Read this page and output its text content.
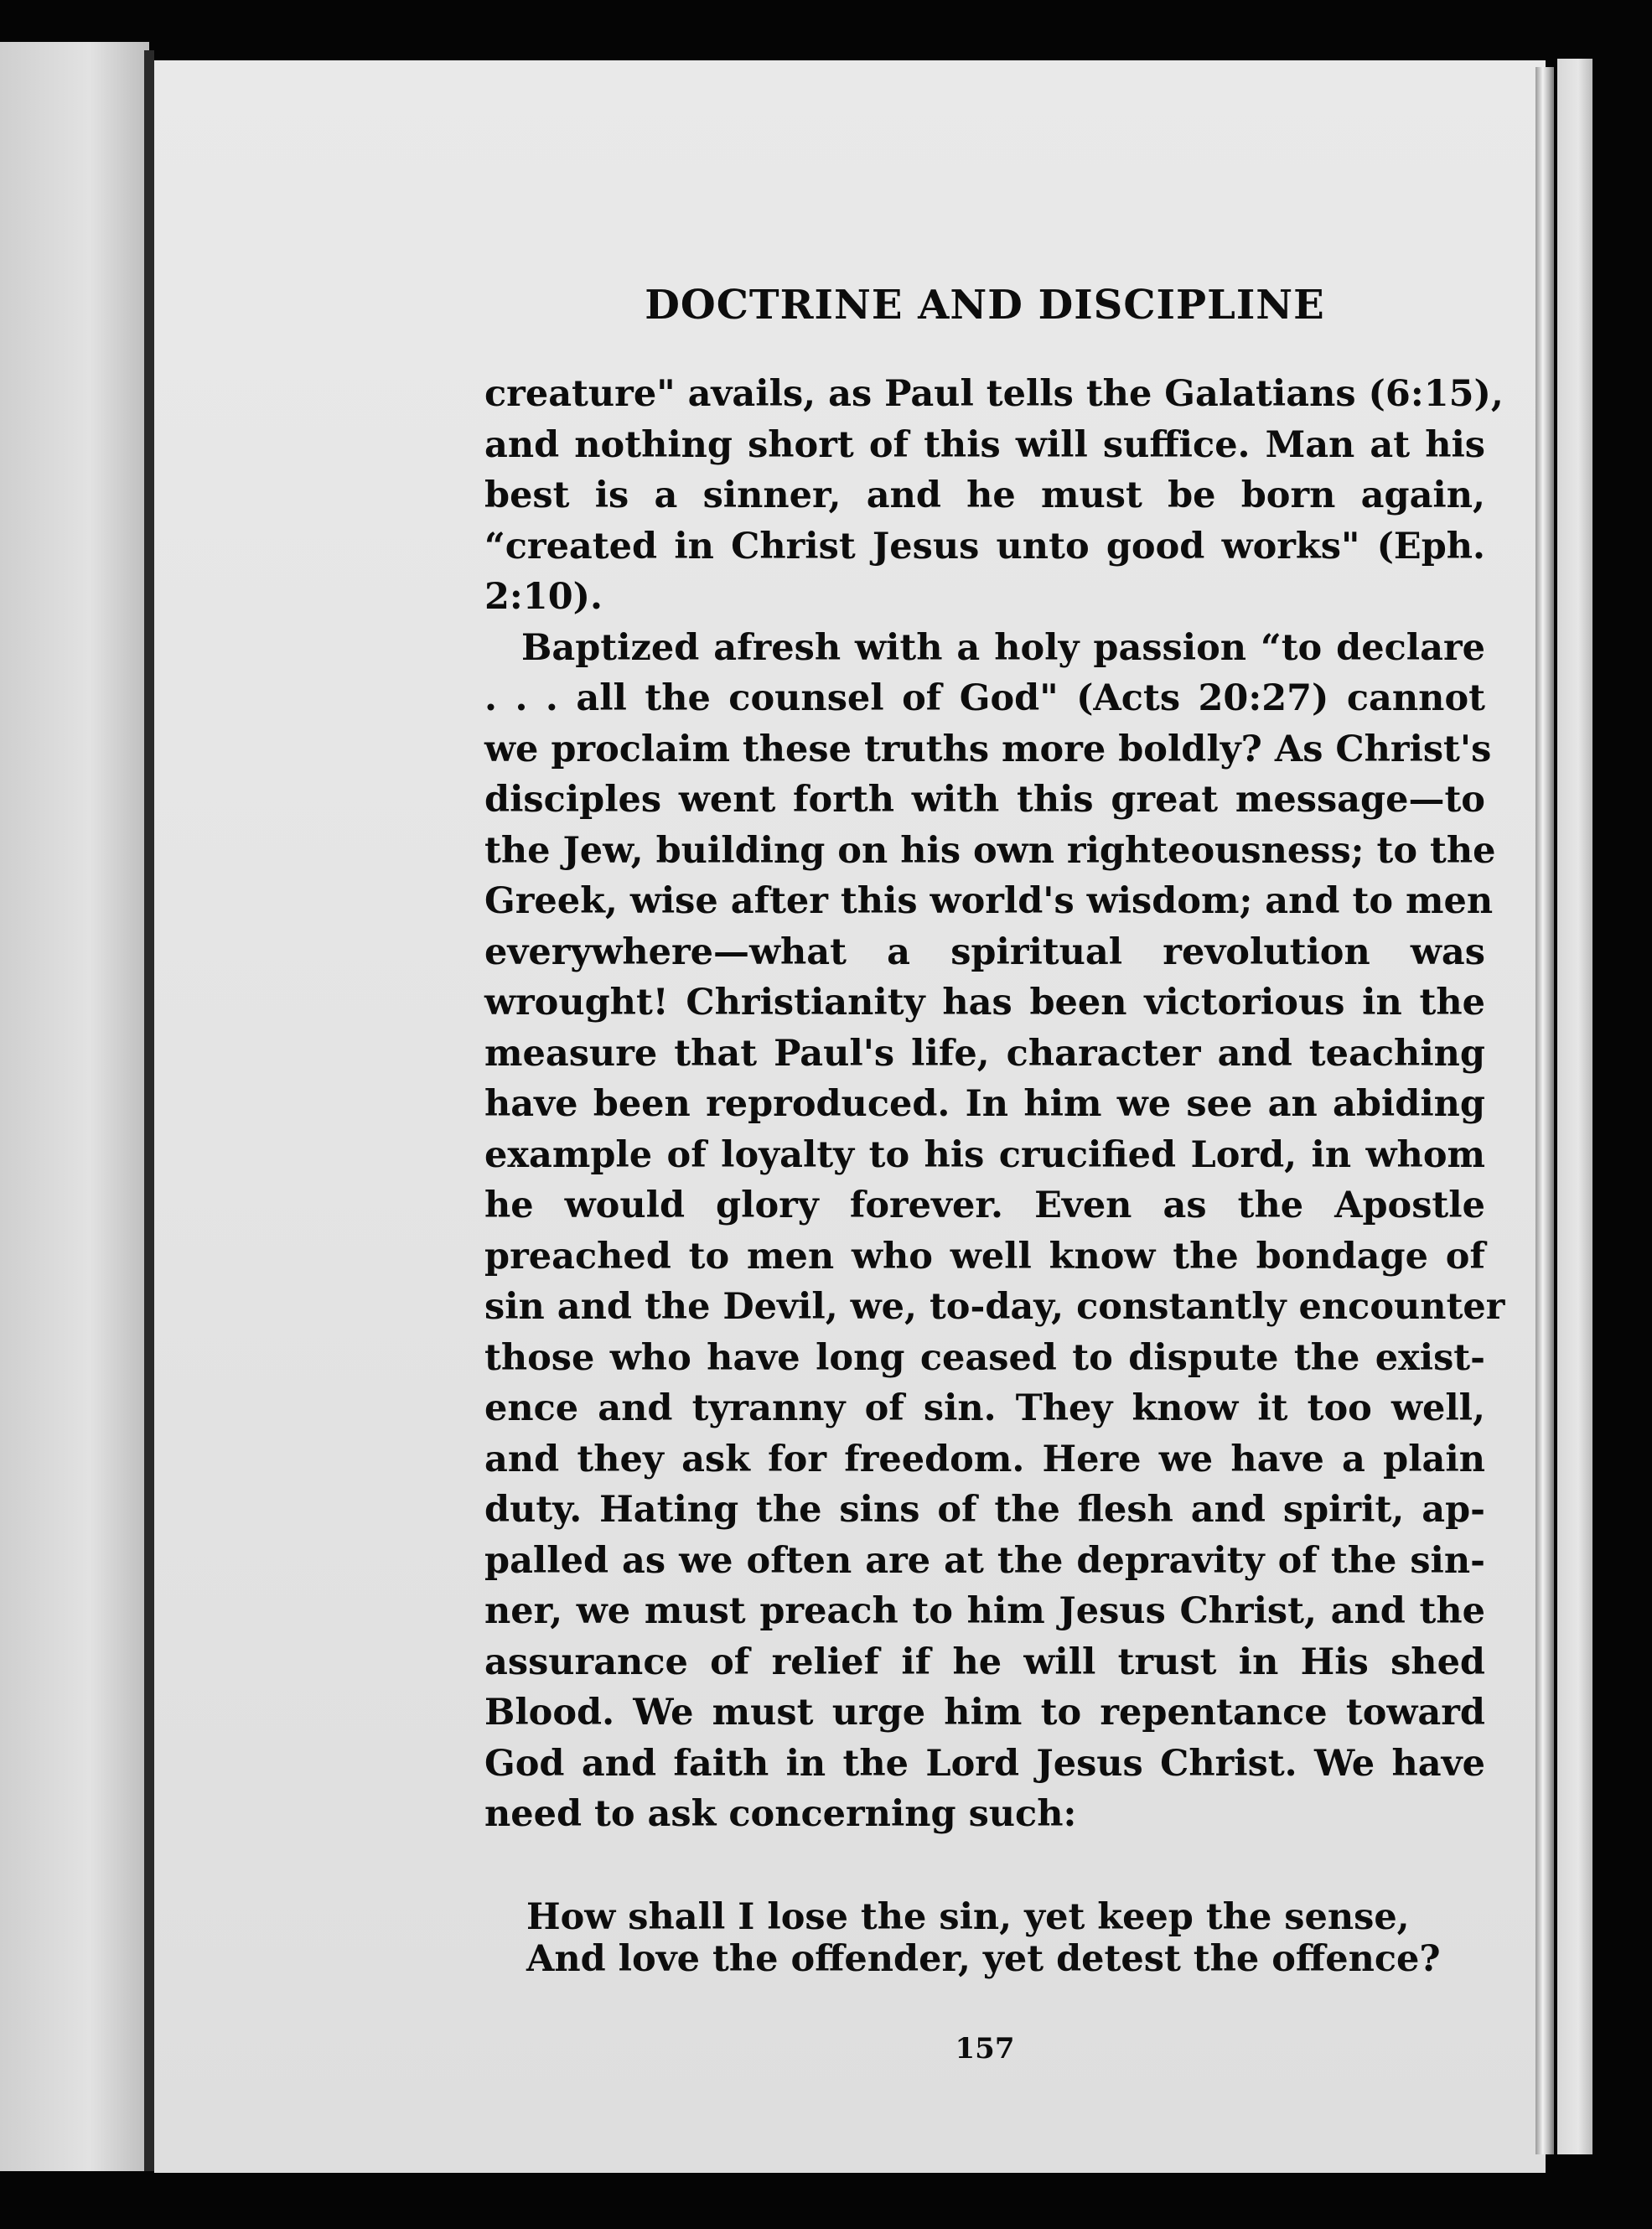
DOCTRINE AND DISCIPLINE
creature" avails, as Paul tells the Galatians (6:15),
and nothing short of this will suffice. Man at his
best is a sinner, and he must be born again,
“created in Christ Jesus unto good works" (Eph.
2:10).
Baptized afresh with a holy passion “to declare
. . . all the counsel of God" (Acts 20:27) cannot
we proclaim these truths more boldly? As Christ's
disciples went forth with this great message—to
the Jew, building on his own righteousness; to the
Greek, wise after this world's wisdom; and to men
everywhere—what a spiritual revolution was
wrought! Christianity has been victorious in the
measure that Paul's life, character and teaching
have been reproduced. In him we see an abiding
example of loyalty to his crucified Lord, in whom
he would glory forever. Even as the Apostle
preached to men who well know the bondage of
sin and the Devil, we, to-day, constantly encounter
those who have long ceased to dispute the exist-
ence and tyranny of sin. They know it too well,
and they ask for freedom. Here we have a plain
duty. Hating the sins of the flesh and spirit, ap-
palled as we often are at the depravity of the sin-
ner, we must preach to him Jesus Christ, and the
assurance of relief if he will trust in His shed
Blood. We must urge him to repentance toward
God and faith in the Lord Jesus Christ. We have
need to ask concerning such:
How shall I lose the sin, yet keep the sense,
And love the offender, yet detest the offence?
157
